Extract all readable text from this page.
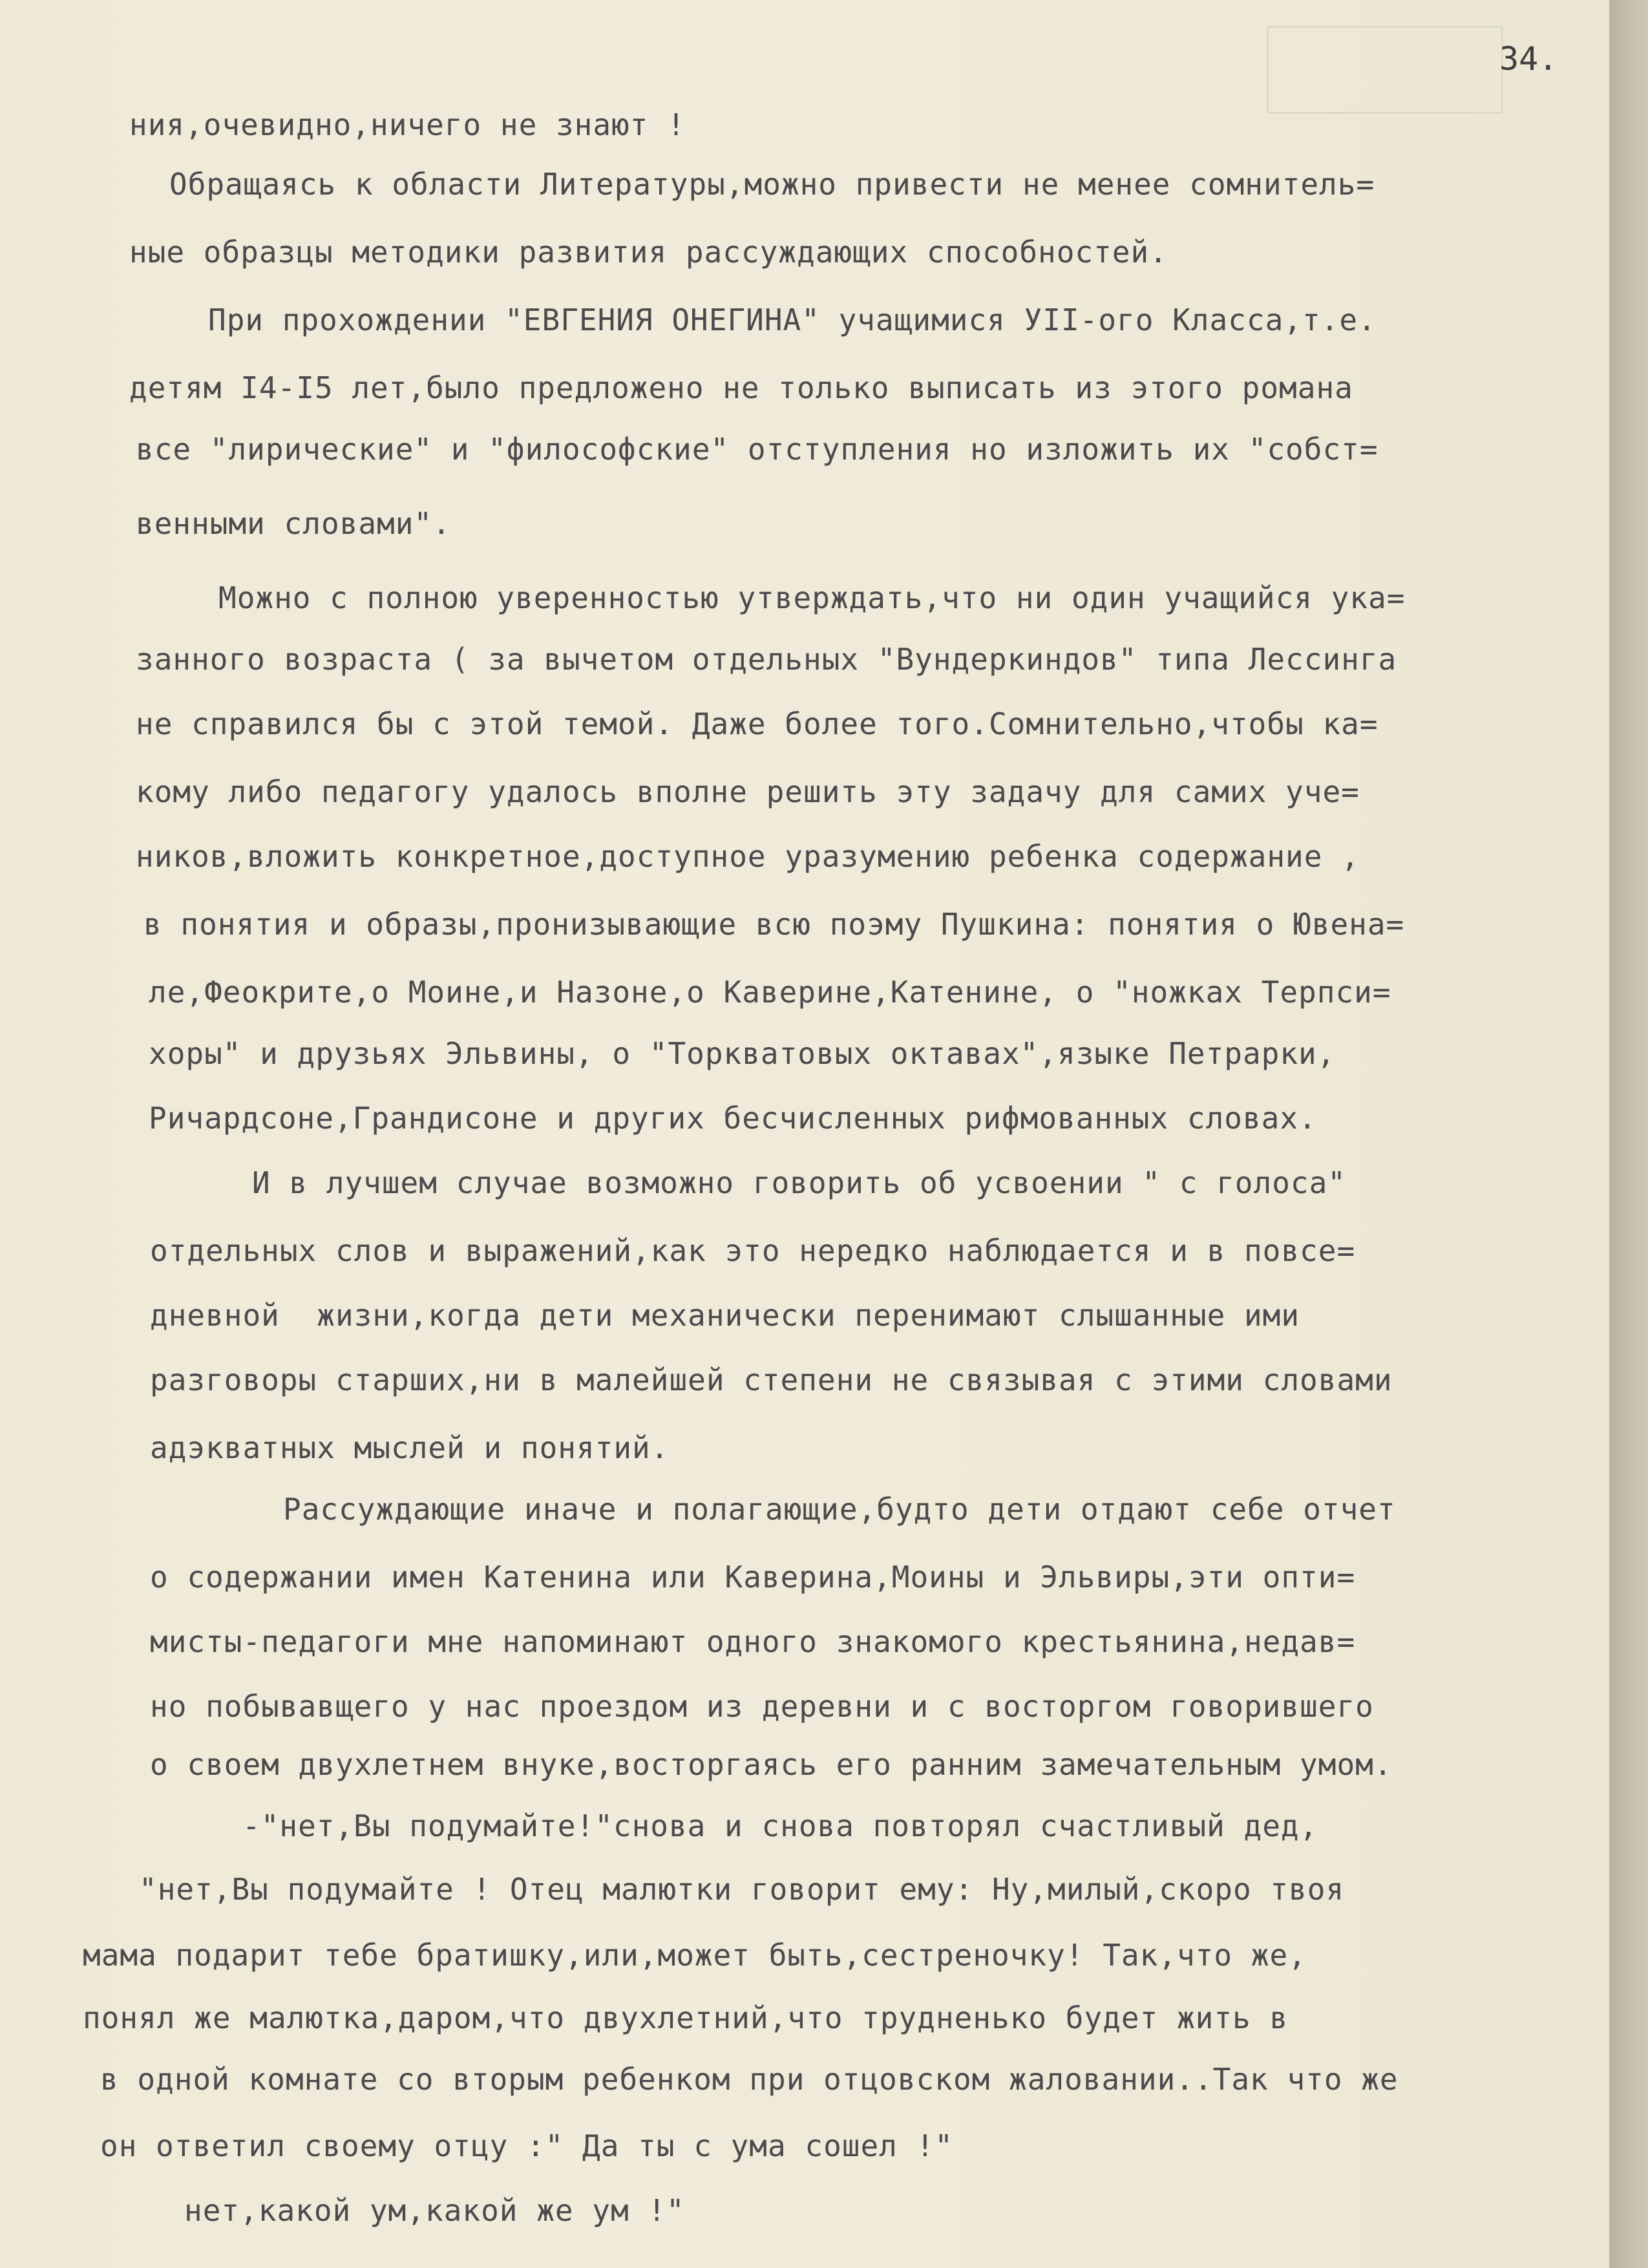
34.
ния,очевидно,ничего не знают !
Обращаясь к области Литературы,можно привести не менее сомнитель=
ные образцы методики развития рассуждающих способностей.
При прохождении "ЕВГЕНИЯ ОНЕГИНА" учащимися УII-ого Класса,т.е.
детям I4-I5 лет,было предложено не только выписать из этого романа
все "лирические" и "философские" отступления но изложить их "собст=
венными словами".
Можно с полною уверенностью утверждать,что ни один учащийся ука=
занного возраста ( за вычетом отдельных "Вундеркиндов" типа Лессинга
не справился бы с этой темой. Даже более того.Сомнительно,чтобы ка=
кому либо педагогу удалось вполне решить эту задачу для самих уче=
ников,вложить конкретное,доступное уразумению ребенка содержание ,
в понятия и образы,пронизывающие всю поэму Пушкина: понятия о Ювена=
ле,Феокрите,о Моине,и Назоне,о Каверине,Катенине, о "ножках Терпси=
хоры" и друзьях Эльвины, о "Торкватовых октавах",языке Петрарки,
Ричардсоне,Грандисоне и других бесчисленных рифмованных словах.
И в лучшем случае возможно говорить об усвоении " с голоса"
отдельных слов и выражений,как это нередко наблюдается и в повсе=
дневной  жизни,когда дети механически перенимают слышанные ими
разговоры старших,ни в малейшей степени не связывая с этими словами
адэкватных мыслей и понятий.
Рассуждающие иначе и полагающие,будто дети отдают себе отчет
о содержании имен Катенина или Каверина,Моины и Эльвиры,эти опти=
мисты-педагоги мне напоминают одного знакомого крестьянина,недав=
но побывавщего у нас проездом из деревни и с восторгом говорившего
о своем двухлетнем внуке,восторгаясь его ранним замечательным умом.
-"нет,Вы подумайте!"снова и снова повторял счастливый дед,
"нет,Вы подумайте ! Отец малютки говорит ему: Ну,милый,скоро твоя
мама подарит тебе братишку,или,может быть,сестреночку! Так,что же,
понял же малютка,даром,что двухлетний,что трудненько будет жить в
в одной комнате со вторым ребенком при отцовском жаловании..Так что же
он ответил своему отцу :" Да ты с ума сошел !"
нет,какой ум,какой же ум !"
